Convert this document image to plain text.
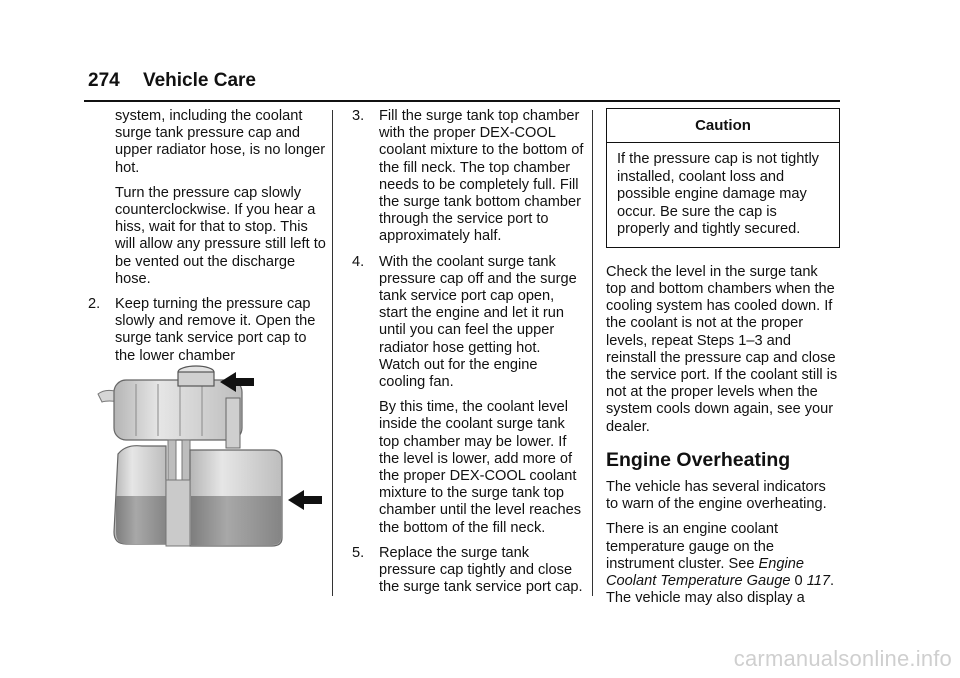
274 Vehicle Care

system, including the coolant surge tank pressure cap and upper radiator hose, is no longer hot.

Turn the pressure cap slowly counterclockwise. If you hear a hiss, wait for that to stop. This will allow any pressure still left to be vented out the discharge hose.

2.	Keep turning the pressure cap slowly and remove it. Open the surge tank service port cap to the lower chamber
3.	Fill the surge tank top chamber with the proper DEX-COOL coolant mixture to the bottom of the fill neck. The top chamber needs to be completely full. Fill the surge tank bottom chamber through the service port to approximately half.
4.	With the coolant surge tank pressure cap off and the surge tank service port cap open, start the engine and let it run until you can feel the upper radiator hose getting hot. Watch out for the engine cooling fan.

By this time, the coolant level inside the coolant surge tank top chamber may be lower. If the level is lower, add more of the proper DEX-COOL coolant mixture to the surge tank top chamber until the level reaches the bottom of the fill neck.

5.	Replace the surge tank pressure cap tightly and close the surge tank service port cap.
Caution
If the pressure cap is not tightly installed, coolant loss and possible engine damage may occur. Be sure the cap is properly and tightly secured.

Check the level in the surge tank top and bottom chambers when the cooling system has cooled down. If the coolant is not at the proper levels, repeat Steps 1–3 and reinstall the pressure cap and close the service port. If the coolant still is not at the proper levels when the system cools down again, see your dealer.

Engine Overheating

The vehicle has several indicators to warn of the engine overheating.

There is an engine coolant temperature gauge on the instrument cluster. See Engine Coolant Temperature Gauge 0 117.
The vehicle may also display a

carmanualsonline.info
